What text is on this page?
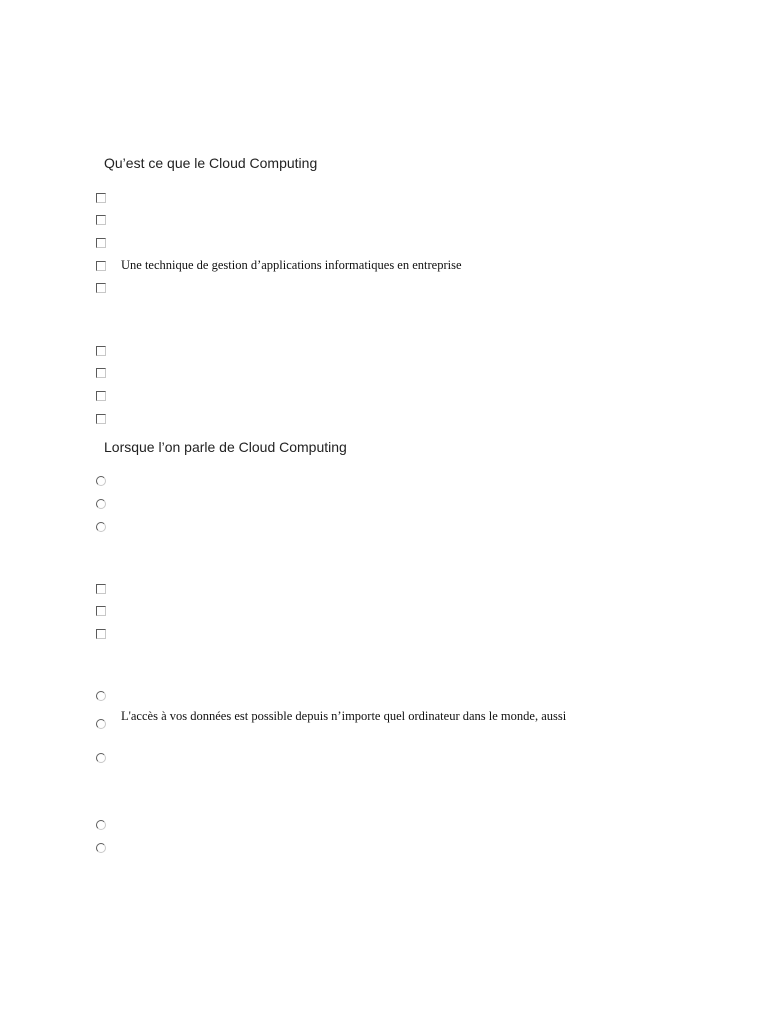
Qu’est ce que le Cloud Computing
Une technique de gestion d’applications informatiques en entreprise
Lorsque l’on parle de Cloud Computing
L'accès à vos données est possible depuis n’importe quel ordinateur dans le monde, aussi
